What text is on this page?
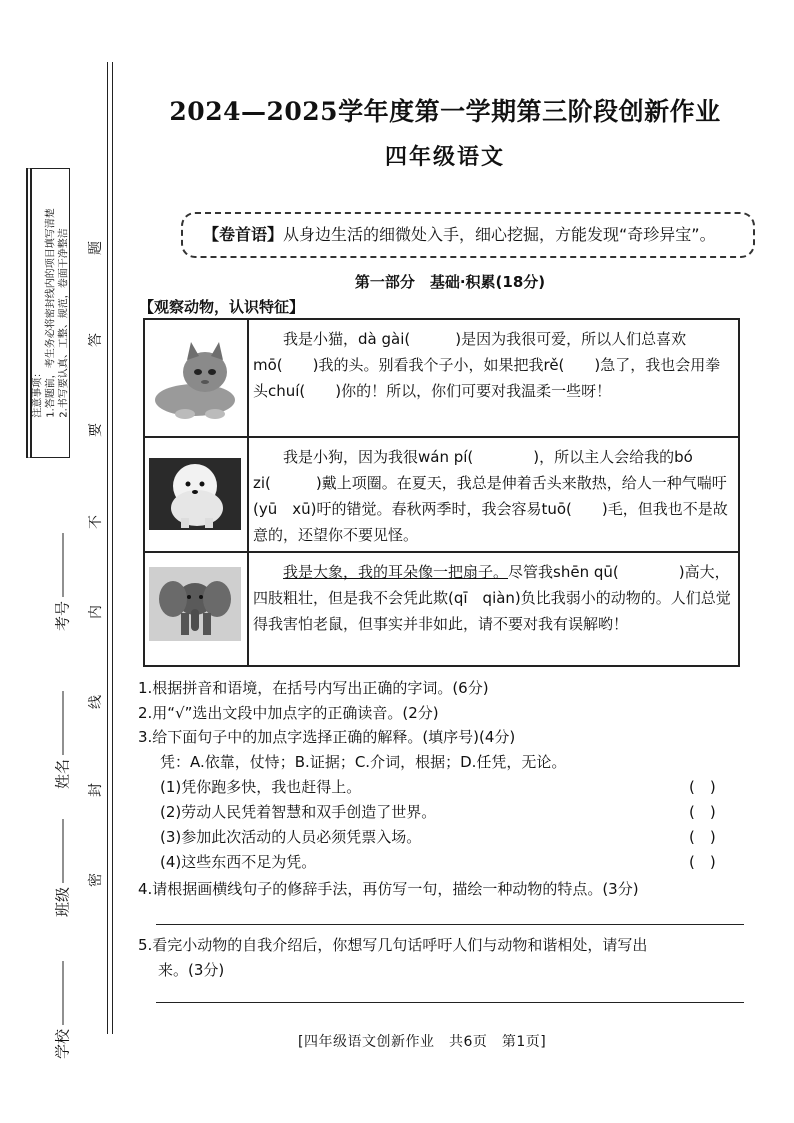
注意事项： 1.答题前，考生务必将密封线内的项目填写清楚 2.书写要认真、工整、规范，卷面干净整洁 题
答
要
不
内
线
封
密
考号
姓名
班级
学校
2024—2025学年度第一学期第三阶段创新作业
四年级语文
【卷首语】从身边生活的细微处入手，细心挖掘，方能发现“奇珍异宝”。
第一部分　基础·积累(18分)
【观察动物，认识特征】
我是小猫，dà gài(　　　)是因为我很可爱，所以人们总喜欢mō(　　)我的头。别看我个子小，如果把我rě(　　)急了，我也会用拳头chuí(　　)你的！所以，你们可要对我温柔一些呀！
我是小狗，因为我很wán pí(　　　　)，所以主人会给我的bó zi(　　　)戴上项圈。在夏天，我总是伸着舌头来散热，给人一种气喘吁(yū　xū)吁的错觉。春秋两季时，我会容易tuō(　　)毛，但我也不是故意的，还望你不要见怪。
我是大象，我的耳朵像一把扇子。尽管我shēn qū(　　　　)高大，四肢粗壮，但是我不会凭此欺(qī　qiàn)负比我弱小的动物的。人们总觉得我害怕老鼠，但事实并非如此，请不要对我有误解哟！
1.根据拼音和语境，在括号内写出正确的字词。(6分)
2.用“√”选出文段中加点字的正确读音。(2分)
3.给下面句子中的加点字选择正确的解释。(填序号)(4分)
凭：A.依靠，仗恃；B.证据；C.介词，根据；D.任凭，无论。
(1)凭你跑多快，我也赶得上。
(2)劳动人民凭着智慧和双手创造了世界。
(3)参加此次活动的人员必须凭票入场。
(4)这些东西不足为凭。
(　)
(　)
(　)
(　)
4.请根据画横线句子的修辞手法，再仿写一句，描绘一种动物的特点。(3分)
5.看完小动物的自我介绍后，你想写几句话呼吁人们与动物和谐相处，请写出
来。(3分)
[四年级语文创新作业　共6页　第1页]
